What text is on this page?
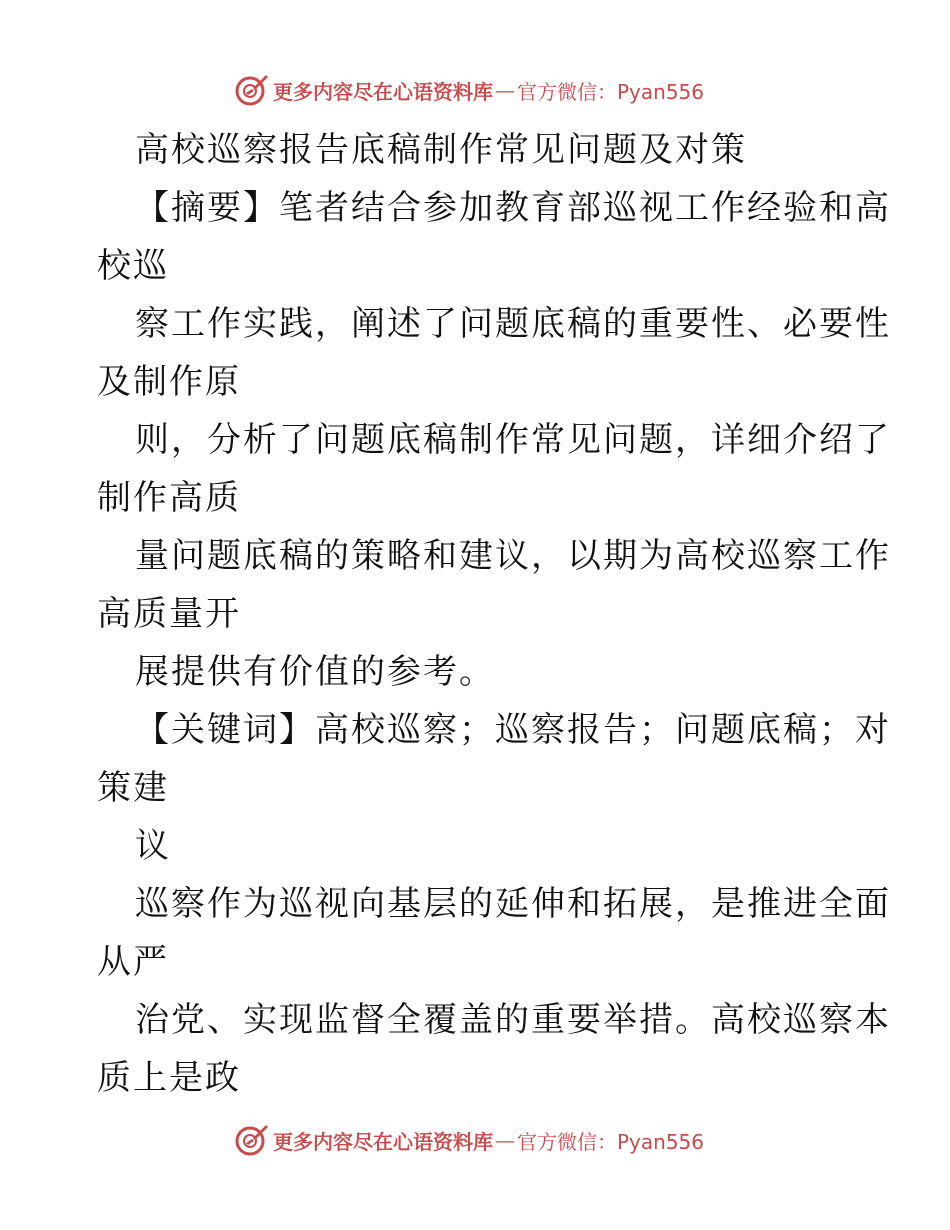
更多内容尽在心语资料库 — 官方微信：Pyan556
高校巡察报告底稿制作常见问题及对策
【摘要】笔者结合参加教育部巡视工作经验和高
校巡
察工作实践，阐述了问题底稿的重要性、必要性
及制作原
则，分析了问题底稿制作常见问题，详细介绍了
制作高质
量问题底稿的策略和建议，以期为高校巡察工作
高质量开
展提供有价值的参考。
【关键词】高校巡察；巡察报告；问题底稿；对
策建
议
巡察作为巡视向基层的延伸和拓展，是推进全面
从严
治党、实现监督全覆盖的重要举措。高校巡察本
质上是政
更多内容尽在心语资料库 — 官方微信：Pyan556
